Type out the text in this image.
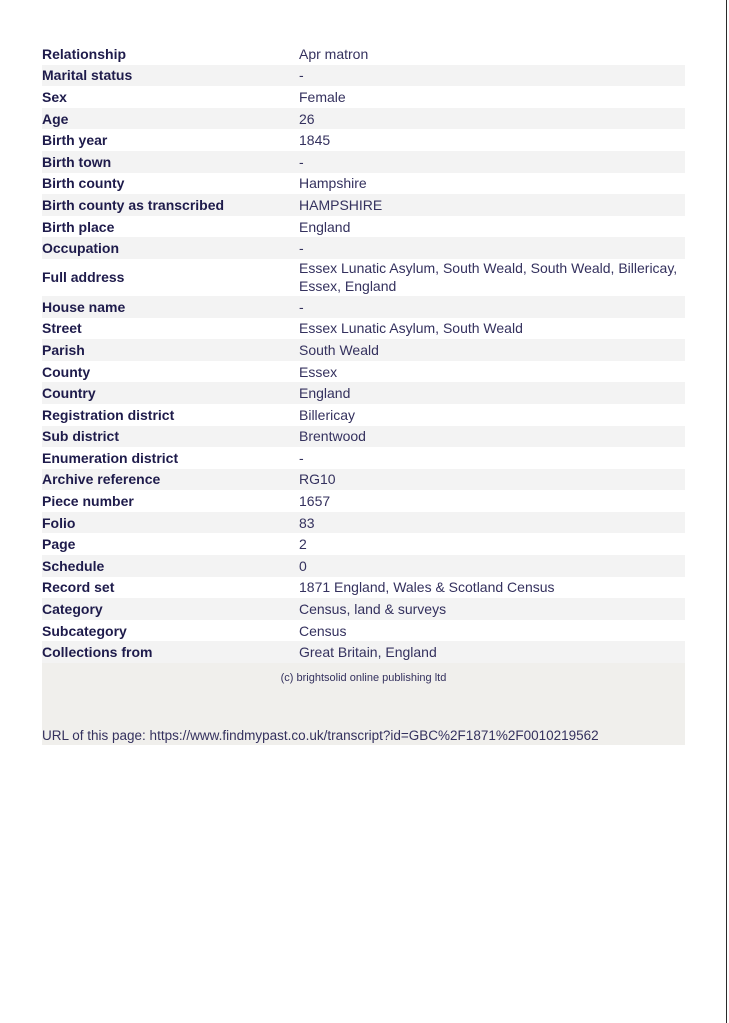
Relationship	Apr matron
Marital status	-
Sex	Female
Age	26
Birth year	1845
Birth town	-
Birth county	Hampshire
Birth county as transcribed	HAMPSHIRE
Birth place	England
Occupation	-
Full address	Essex Lunatic Asylum, South Weald, South Weald, Billericay, Essex, England
House name	-
Street	Essex Lunatic Asylum, South Weald
Parish	South Weald
County	Essex
Country	England
Registration district	Billericay
Sub district	Brentwood
Enumeration district	-
Archive reference	RG10
Piece number	1657
Folio	83
Page	2
Schedule	0
Record set	1871 England, Wales & Scotland Census
Category	Census, land & surveys
Subcategory	Census
Collections from	Great Britain, England
(c) brightsolid online publishing ltd
URL of this page: https://www.findmypast.co.uk/transcript?id=GBC%2F1871%2F0010219562
